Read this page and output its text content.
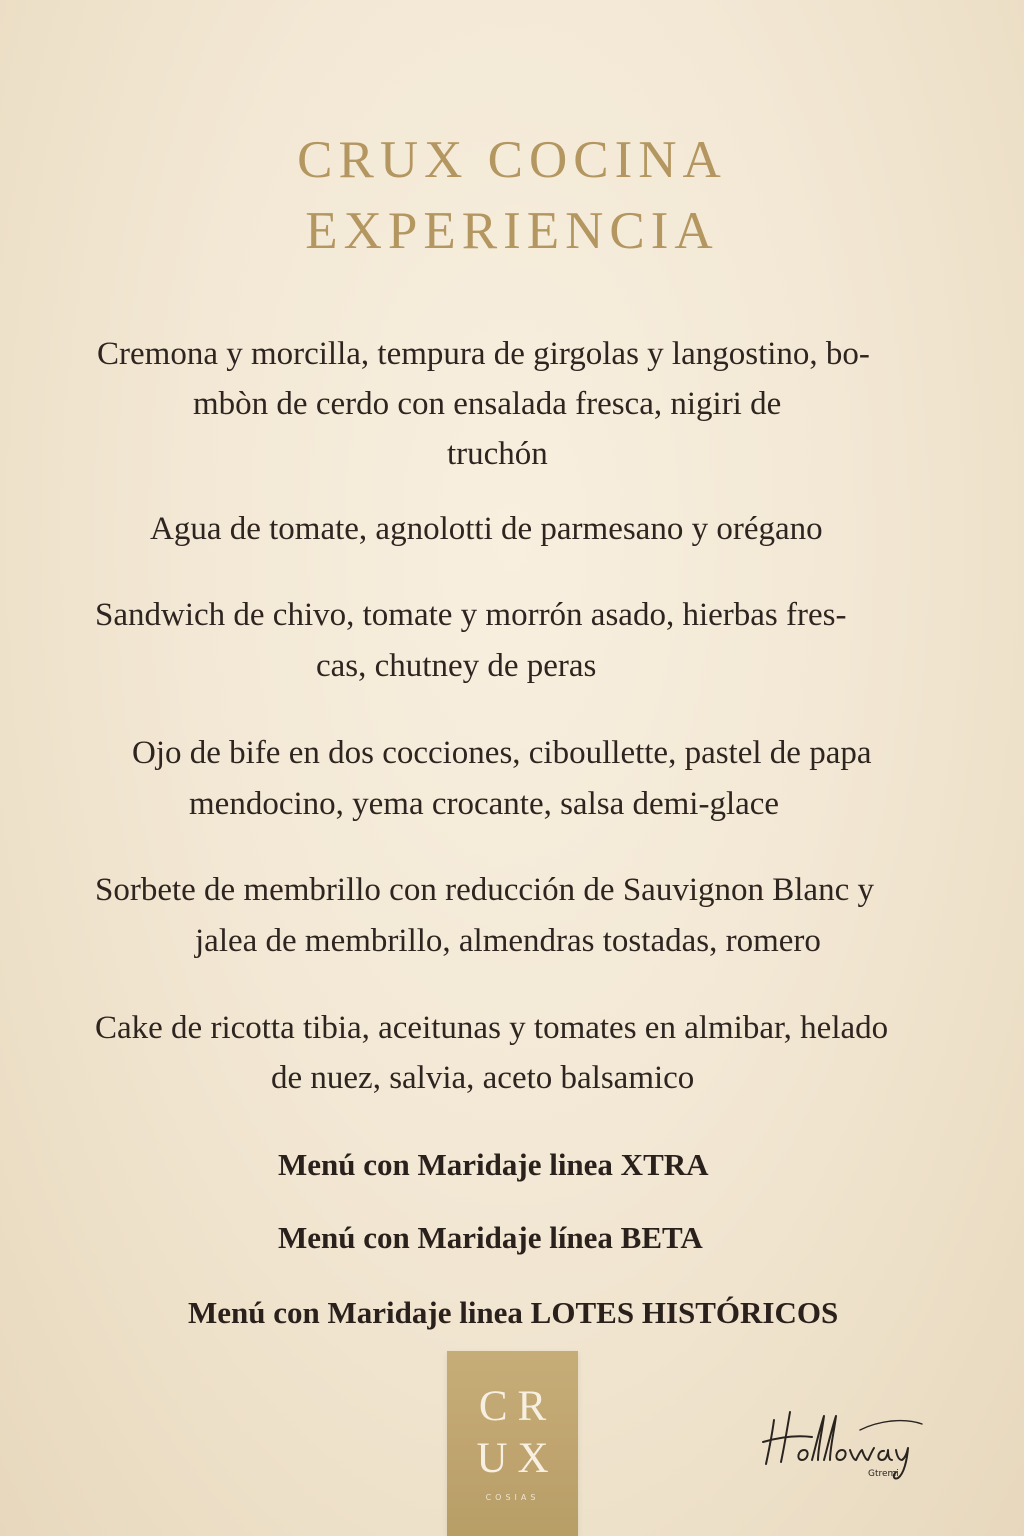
CRUX COCINA
EXPERIENCIA
Cremona y morcilla, tempura de girgolas y langostino, bo-
mbòn de cerdo con ensalada fresca, nigiri de
truchón
Agua de tomate, agnolotti de parmesano y orégano
Sandwich de chivo, tomate y morrón asado, hierbas fres-
cas, chutney de peras
Ojo de bife en dos cocciones, ciboullette, pastel de papa
mendocino, yema crocante, salsa demi-glace
Sorbete de membrillo con reducción de Sauvignon Blanc y
jalea de membrillo, almendras tostadas, romero
Cake de ricotta tibia, aceitunas y tomates en almibar, helado
de nuez, salvia, aceto balsamico
Menú con Maridaje linea XTRA
Menú con Maridaje línea BETA
Menú con Maridaje linea LOTES HISTÓRICOS
CR
UX
COSIAS
Gtremi
